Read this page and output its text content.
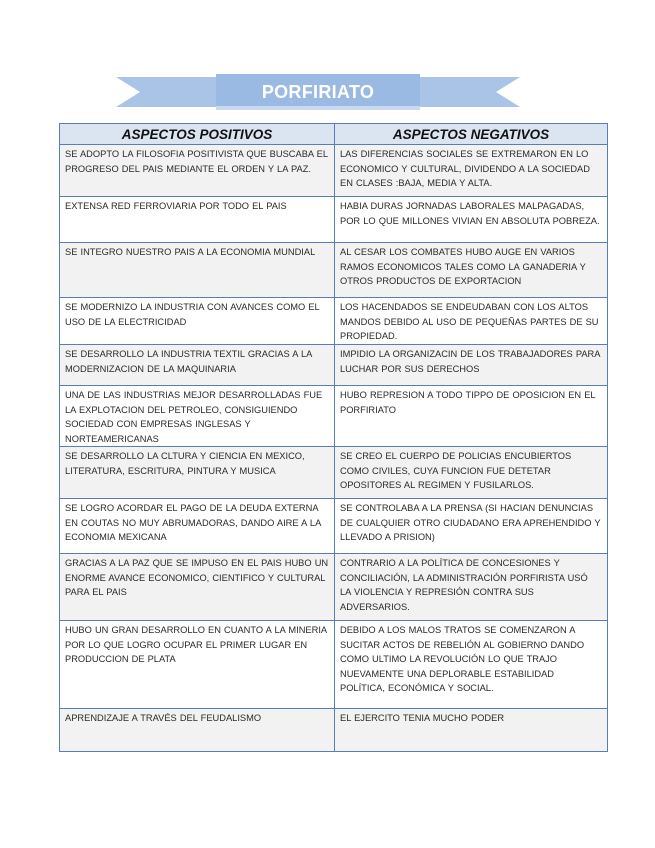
PORFIRIATO
ASPECTOS POSITIVOS	ASPECTOS NEGATIVOS
SE ADOPTO LA FILOSOFIA POSITIVISTA QUE BUSCABA EL PROGRESO DEL PAIS MEDIANTE EL ORDEN Y LA PAZ.	LAS DIFERENCIAS SOCIALES SE EXTREMARON EN LO ECONOMICO Y CULTURAL, DIVIDENDO A LA SOCIEDAD EN CLASES :BAJA, MEDIA Y ALTA.
EXTENSA RED FERROVIARIA POR TODO EL PAIS	HABIA DURAS JORNADAS LABORALES MALPAGADAS, POR LO QUE MILLONES VIVIAN EN ABSOLUTA POBREZA.
SE INTEGRO NUESTRO PAIS A LA ECONOMIA MUNDIAL	AL CESAR LOS COMBATES HUBO AUGE EN VARIOS RAMOS ECONOMICOS TALES COMO LA GANADERIA Y OTROS PRODUCTOS DE EXPORTACION
SE MODERNIZO LA INDUSTRIA CON AVANCES COMO EL USO DE LA ELECTRICIDAD	LOS HACENDADOS SE ENDEUDABAN CON LOS ALTOS MANDOS DEBIDO AL USO DE PEQUEÑAS PARTES DE SU PROPIEDAD.
SE DESARROLLO LA INDUSTRIA TEXTIL GRACIAS A LA MODERNIZACION DE LA MAQUINARIA	IMPIDIO LA ORGANIZACIN DE LOS TRABAJADORES PARA LUCHAR POR SUS DERECHOS
UNA DE LAS INDUSTRIAS MEJOR DESARROLLADAS FUE LA EXPLOTACION DEL PETROLEO, CONSIGUIENDO SOCIEDAD CON EMPRESAS INGLESAS Y NORTEAMERICANAS	HUBO REPRESION A TODO TIPPO DE OPOSICION EN EL PORFIRIATO
SE DESARROLLO LA CLTURA Y CIENCIA EN MEXICO, LITERATURA, ESCRITURA, PINTURA Y MUSICA	SE CREO EL CUERPO DE POLICIAS ENCUBIERTOS COMO CIVILES, CUYA FUNCION FUE DETETAR OPOSITORES AL REGIMEN Y FUSILARLOS.
SE LOGRO ACORDAR EL PAGO DE LA DEUDA EXTERNA EN COUTAS NO MUY ABRUMADORAS, DANDO AIRE A LA ECONOMIA MEXICANA	SE CONTROLABA A LA PRENSA (SI HACIAN DENUNCIAS DE CUALQUIER OTRO CIUDADANO ERA APREHENDIDO Y LLEVADO A PRISION)
GRACIAS A LA PAZ QUE SE IMPUSO EN EL PAIS HUBO UN ENORME AVANCE ECONOMICO, CIENTIFICO Y CULTURAL PARA EL PAIS	CONTRARIO A LA POLÍTICA DE CONCESIONES Y CONCILIACIÓN, LA ADMINISTRACIÓN PORFIRISTA USÓ LA VIOLENCIA Y REPRESIÓN CONTRA SUS ADVERSARIOS.
HUBO UN GRAN DESARROLLO EN CUANTO A LA MINERIA POR LO QUE LOGRO OCUPAR EL PRIMER LUGAR EN PRODUCCION DE PLATA	DEBIDO A LOS MALOS TRATOS SE COMENZARON A SUCITAR ACTOS DE REBELIÓN AL GOBIERNO DANDO COMO ULTIMO LA REVOLUCIÓN LO QUE TRAJO NUEVAMENTE UNA DEPLORABLE ESTABILIDAD POLÍTICA, ECONÓMICA Y SOCIAL.
APRENDIZAJE A TRAVÉS DEL FEUDALISMO	EL EJERCITO TENIA MUCHO PODER
